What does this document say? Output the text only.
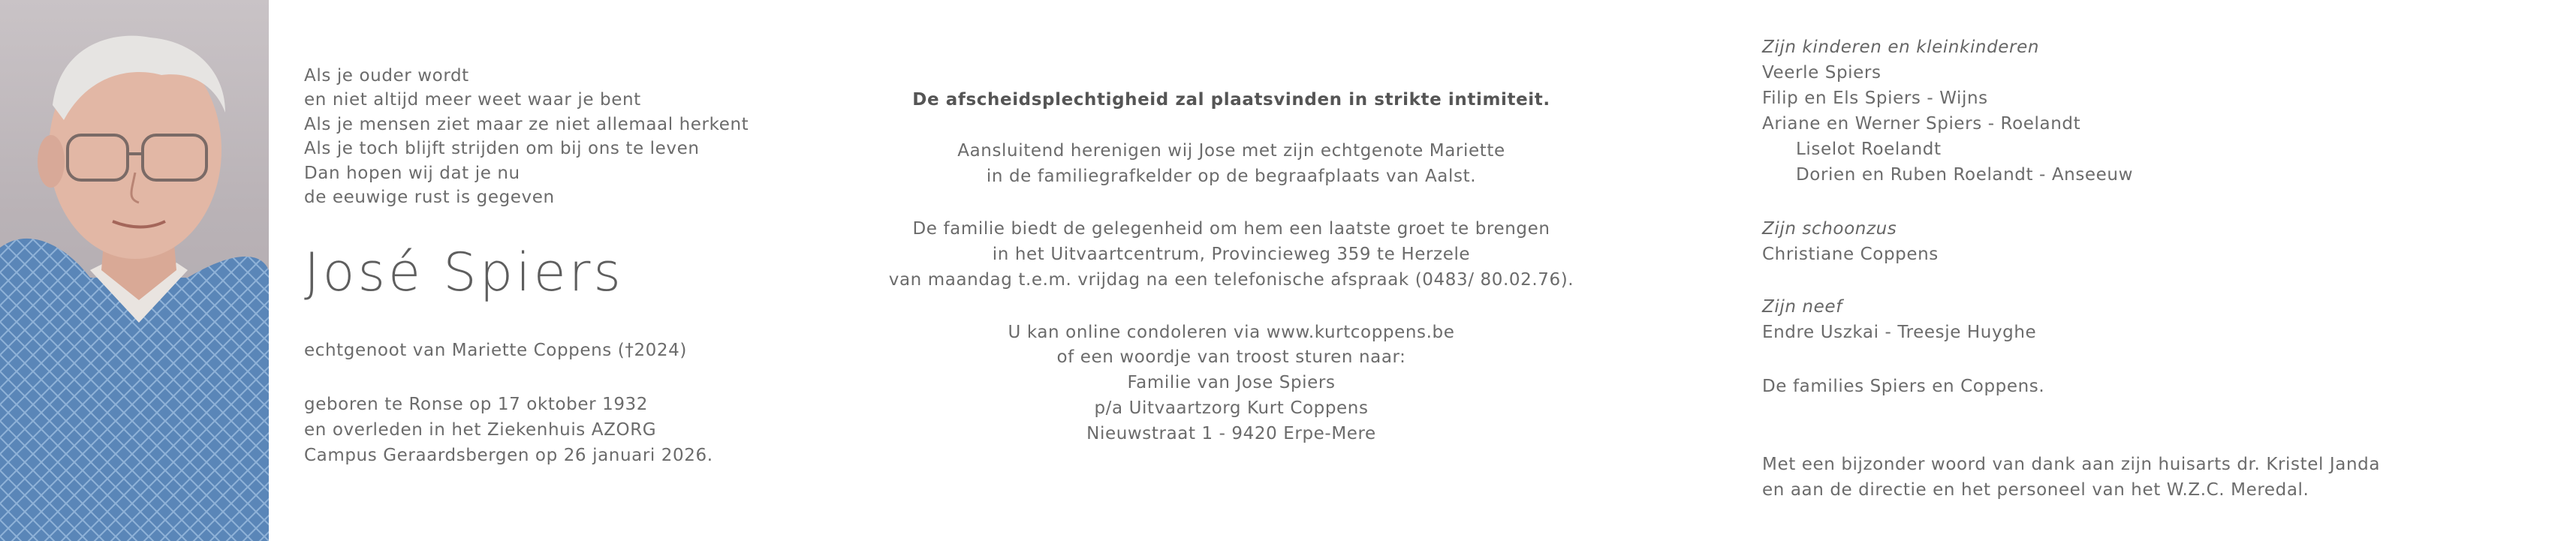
Als je ouder wordt
en niet altijd meer weet waar je bent
Als je mensen ziet maar ze niet allemaal herkent
Als je toch blijft strijden om bij ons te leven
Dan hopen wij dat je nu
de eeuwige rust is gegeven
José Spiers
echtgenoot van Mariette Coppens (†2024)
geboren te Ronse op 17 oktober 1932
en overleden in het Ziekenhuis AZORG
Campus Geraardsbergen op 26 januari 2026.
De afscheidsplechtigheid zal plaatsvinden in strikte intimiteit.
Aansluitend herenigen wij Jose met zijn echtgenote Mariette
in de familiegrafkelder op de begraafplaats van Aalst.
De familie biedt de gelegenheid om hem een laatste groet te brengen
in het Uitvaartcentrum, Provincieweg 359 te Herzele
van maandag t.e.m. vrijdag na een telefonische afspraak (0483/ 80.02.76).
U kan online condoleren via www.kurtcoppens.be
of een woordje van troost sturen naar:
Familie van Jose Spiers
p/a Uitvaartzorg Kurt Coppens
Nieuwstraat 1 - 9420 Erpe-Mere
Zijn kinderen en kleinkinderen
Veerle Spiers
Filip en Els Spiers - Wijns
Ariane en Werner Spiers - Roelandt
Liselot Roelandt
Dorien en Ruben Roelandt - Anseeuw
Zijn schoonzus
Christiane Coppens
Zijn neef
Endre Uszkai - Treesje Huyghe
De families Spiers en Coppens.
Met een bijzonder woord van dank aan zijn huisarts dr. Kristel Janda
en aan de directie en het personeel van het W.Z.C. Meredal.
